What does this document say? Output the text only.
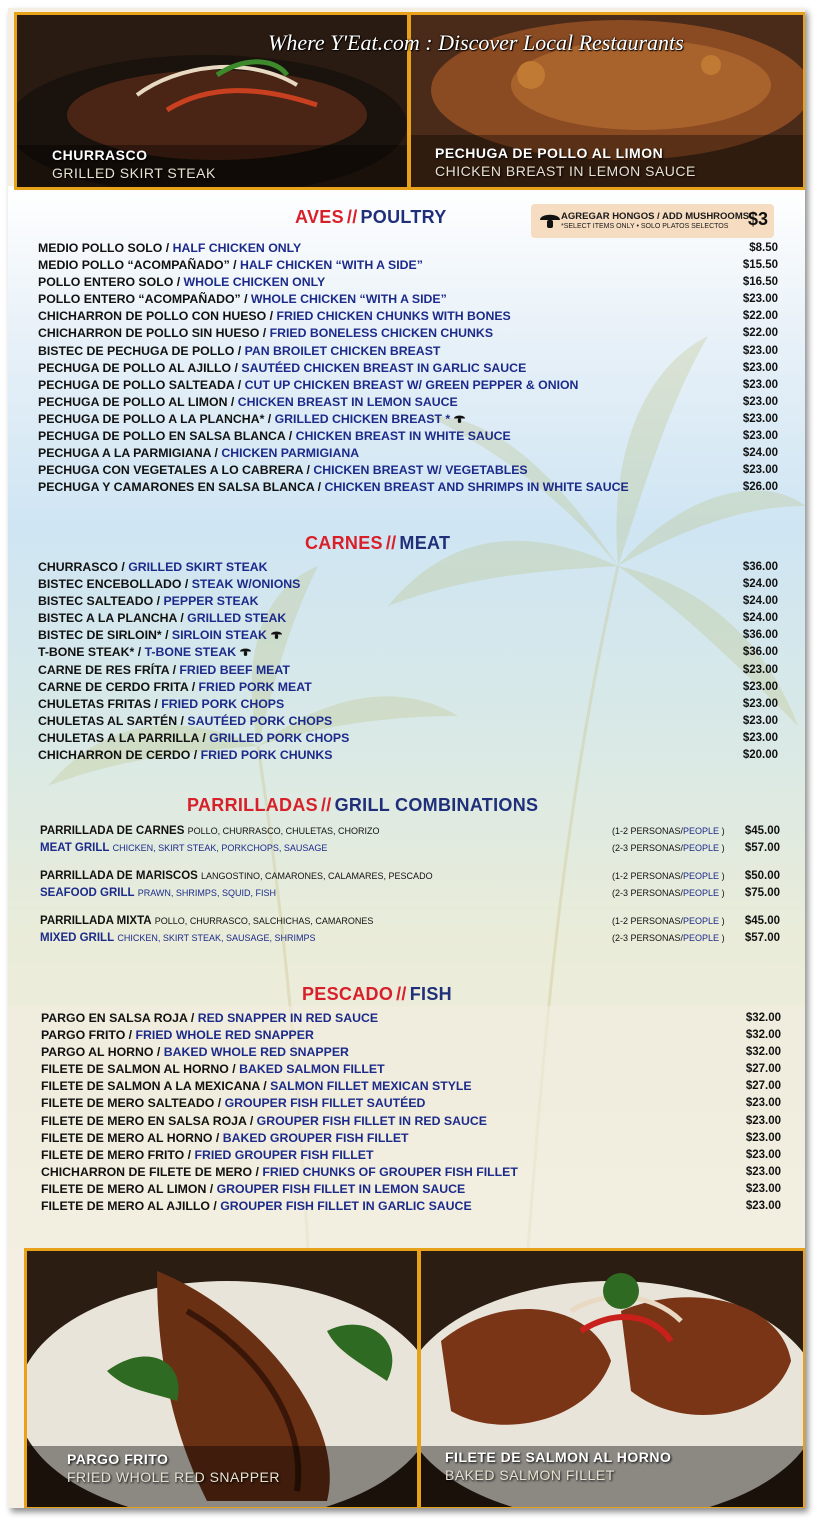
CHURRASCO
GRILLED SKIRT STEAK
PECHUGA DE POLLO AL LIMON
CHICKEN BREAST IN LEMON SAUCE
Where Y'Eat.com : Discover Local Restaurants
AVES // POULTRY	AGREGAR HONGOS / ADD MUSHROOMS
*SELECT ITEMS ONLY • SOLO PLATOS SELECTOS $3
MEDIO POLLO SOLO / HALF CHICKEN ONLY	$8.50
MEDIO POLLO “ACOMPAÑADO” / HALF CHICKEN “WITH A SIDE”	$15.50
POLLO ENTERO SOLO / WHOLE CHICKEN ONLY	$16.50
POLLO ENTERO “ACOMPAÑADO” / WHOLE CHICKEN “WITH A SIDE”	$23.00
CHICHARRON DE POLLO CON HUESO / FRIED CHICKEN CHUNKS WITH BONES	$22.00
CHICHARRON DE POLLO SIN HUESO / FRIED BONELESS CHICKEN CHUNKS	$22.00
BISTEC DE PECHUGA DE POLLO / PAN BROILET CHICKEN BREAST	$23.00
PECHUGA DE POLLO AL AJILLO / SAUTÉED CHICKEN BREAST IN GARLIC SAUCE	$23.00
PECHUGA DE POLLO SALTEADA / CUT UP CHICKEN BREAST W/ GREEN PEPPER & ONION	$23.00
PECHUGA DE POLLO AL LIMON / CHICKEN BREAST IN LEMON SAUCE	$23.00
PECHUGA DE POLLO A LA PLANCHA* / GRILLED CHICKEN BREAST *	$23.00
PECHUGA DE POLLO EN SALSA BLANCA / CHICKEN BREAST IN WHITE SAUCE	$23.00
PECHUGA A LA PARMIGIANA / CHICKEN PARMIGIANA	$24.00
PECHUGA CON VEGETALES A LO CABRERA / CHICKEN BREAST W/ VEGETABLES	$23.00
PECHUGA Y CAMARONES EN SALSA BLANCA / CHICKEN BREAST AND SHRIMPS IN WHITE SAUCE	$26.00
CARNES // MEAT
CHURRASCO / GRILLED SKIRT STEAK	$36.00
BISTEC ENCEBOLLADO / STEAK W/ONIONS	$24.00
BISTEC SALTEADO / PEPPER STEAK	$24.00
BISTEC A LA PLANCHA / GRILLED STEAK	$24.00
BISTEC DE SIRLOIN* / SIRLOIN STEAK	$36.00
T-BONE STEAK* / T-BONE STEAK	$36.00
CARNE DE RES FRÍTA / FRIED BEEF MEAT	$23.00
CARNE DE CERDO FRITA / FRIED PORK MEAT	$23.00
CHULETAS FRITAS / FRIED PORK CHOPS	$23.00
CHULETAS AL SARTÉN / SAUTÉED PORK CHOPS	$23.00
CHULETAS A LA PARRILLA / GRILLED PORK CHOPS	$23.00
CHICHARRON DE CERDO / FRIED PORK CHUNKS	$20.00
PARRILLADAS // GRILL COMBINATIONS
PARRILLADA DE CARNES POLLO, CHURRASCO, CHULETAS, CHORIZO	(1-2 PERSONAS/PEOPLE ) $45.00
MEAT GRILL CHICKEN, SKIRT STEAK, PORKCHOPS, SAUSAGE	(2-3 PERSONAS/PEOPLE ) $57.00
PARRILLADA DE MARISCOS LANGOSTINO, CAMARONES, CALAMARES, PESCADO	(1-2 PERSONAS/PEOPLE ) $50.00
SEAFOOD GRILL PRAWN, SHRIMPS, SQUID, FISH	(2-3 PERSONAS/PEOPLE ) $75.00
PARRILLADA MIXTA POLLO, CHURRASCO, SALCHICHAS, CAMARONES	(1-2 PERSONAS/PEOPLE ) $45.00
MIXED GRILL CHICKEN, SKIRT STEAK, SAUSAGE, SHRIMPS	(2-3 PERSONAS/PEOPLE ) $57.00
PESCADO // FISH
PARGO EN SALSA ROJA / RED SNAPPER IN RED SAUCE	$32.00
PARGO FRITO / FRIED WHOLE RED SNAPPER	$32.00
PARGO AL HORNO / BAKED WHOLE RED SNAPPER	$32.00
FILETE DE SALMON AL HORNO / BAKED SALMON FILLET	$27.00
FILETE DE SALMON A LA MEXICANA / SALMON FILLET MEXICAN STYLE	$27.00
FILETE DE MERO SALTEADO / GROUPER FISH FILLET SAUTÉED	$23.00
FILETE DE MERO EN SALSA ROJA / GROUPER FISH FILLET IN RED SAUCE	$23.00
FILETE DE MERO AL HORNO / BAKED GROUPER FISH FILLET	$23.00
FILETE DE MERO FRITO / FRIED GROUPER FISH FILLET	$23.00
CHICHARRON DE FILETE DE MERO / FRIED CHUNKS OF GROUPER FISH FILLET	$23.00
FILETE DE MERO AL LIMON / GROUPER FISH FILLET IN LEMON SAUCE	$23.00
FILETE DE MERO AL AJILLO / GROUPER FISH FILLET IN GARLIC SAUCE	$23.00
PARGO FRITO
FRIED WHOLE RED SNAPPER
FILETE DE SALMON AL HORNO
BAKED SALMON FILLET
